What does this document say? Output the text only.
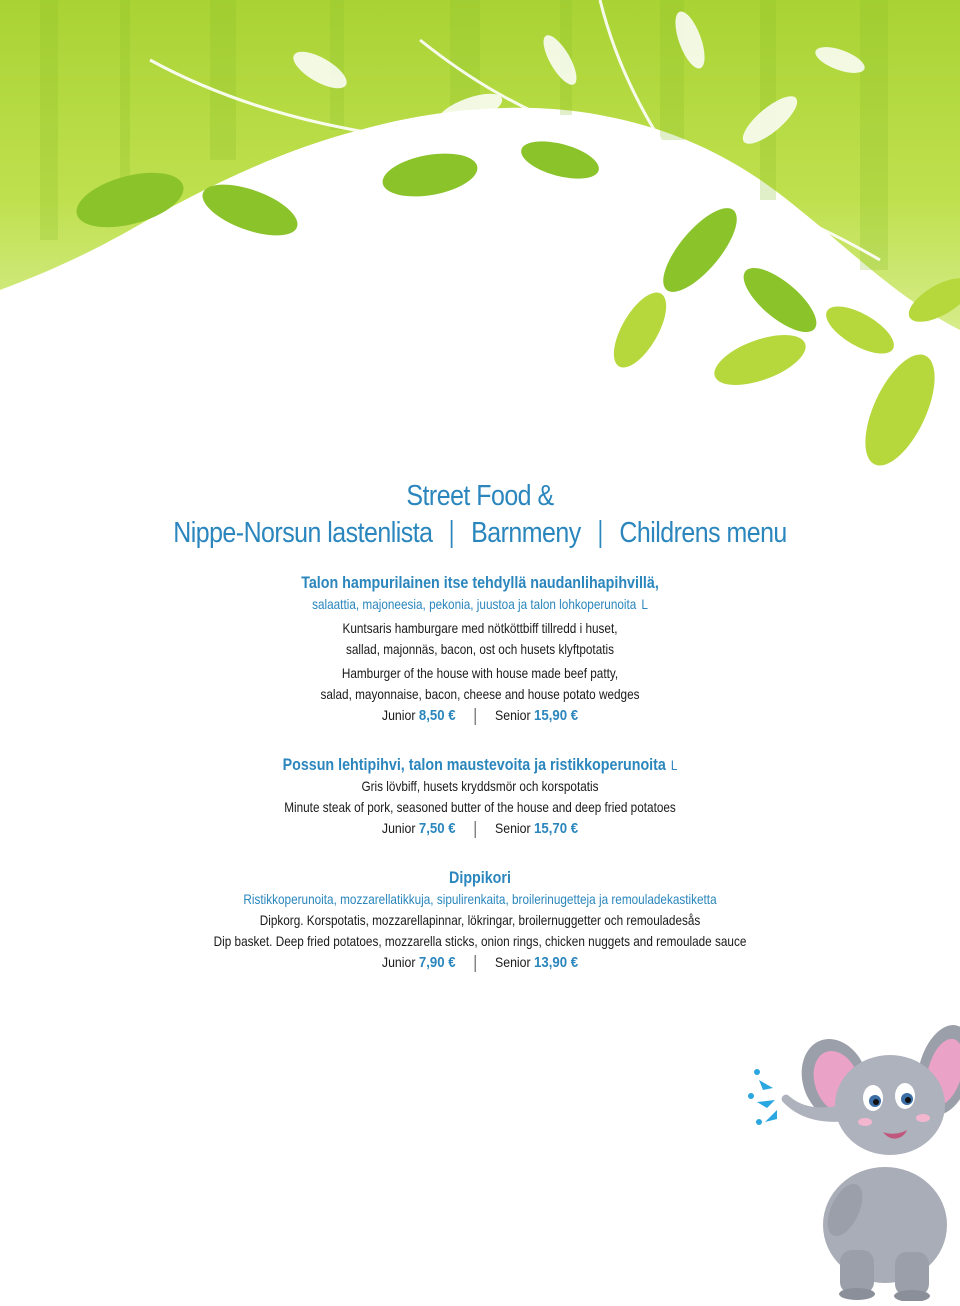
Street Food &
Nippe-Norsun lastenlista Barnmeny Childrens menu
Talon hampurilainen itse tehdyllä naudanlihapihvillä,
salaattia, majoneesia, pekonia, juustoa ja talon lohkoperunoita L
Kuntsaris hamburgare med nötköttbiff tillredd i huset,
sallad, majonnäs, bacon, ost och husets klyftpotatis
Hamburger of the house with house made beef patty,
salad, mayonnaise, bacon, cheese and house potato wedges
Junior 8,50 €	Senior 15,90 €
Possun lehtipihvi, talon maustevoita ja ristikkoperunoita L
Gris lövbiff, husets kryddsmör och korspotatis
Minute steak of pork, seasoned butter of the house and deep fried potatoes
Junior 7,50 €	Senior 15,70 €
Dippikori
Ristikkoperunoita, mozzarellatikkuja, sipulirenkaita, broilerinugetteja ja remouladekastiketta
Dipkorg. Korspotatis, mozzarellapinnar, lökringar, broilernuggetter och remouladesås
Dip basket. Deep fried potatoes, mozzarella sticks, onion rings, chicken nuggets and remoulade sauce
Junior 7,90 €	Senior 13,90 €
